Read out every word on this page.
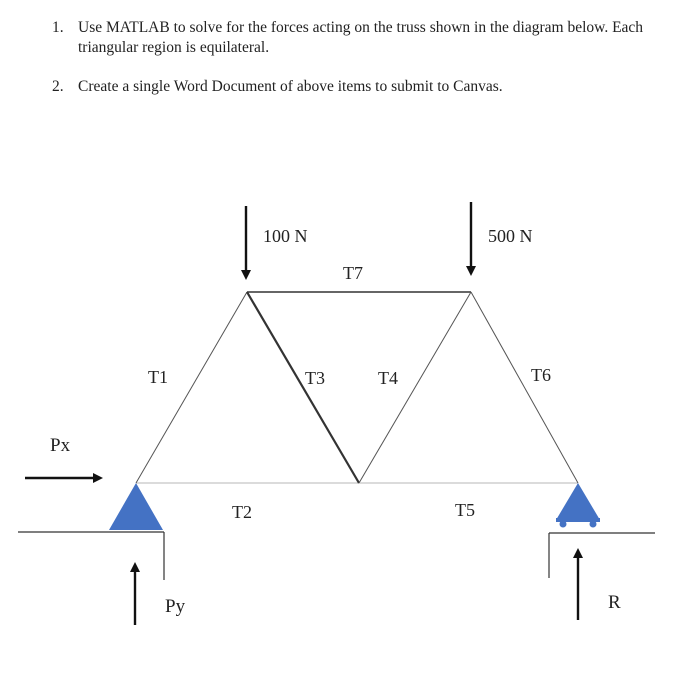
1. Use MATLAB to solve for the forces acting on the truss shown in the diagram below. Each triangular region is equilateral.
2. Create a single Word Document of above items to submit to Canvas.
100 N	500 N
T7
T1	T3	T4	T6
T2	T5
Px
Py	R
